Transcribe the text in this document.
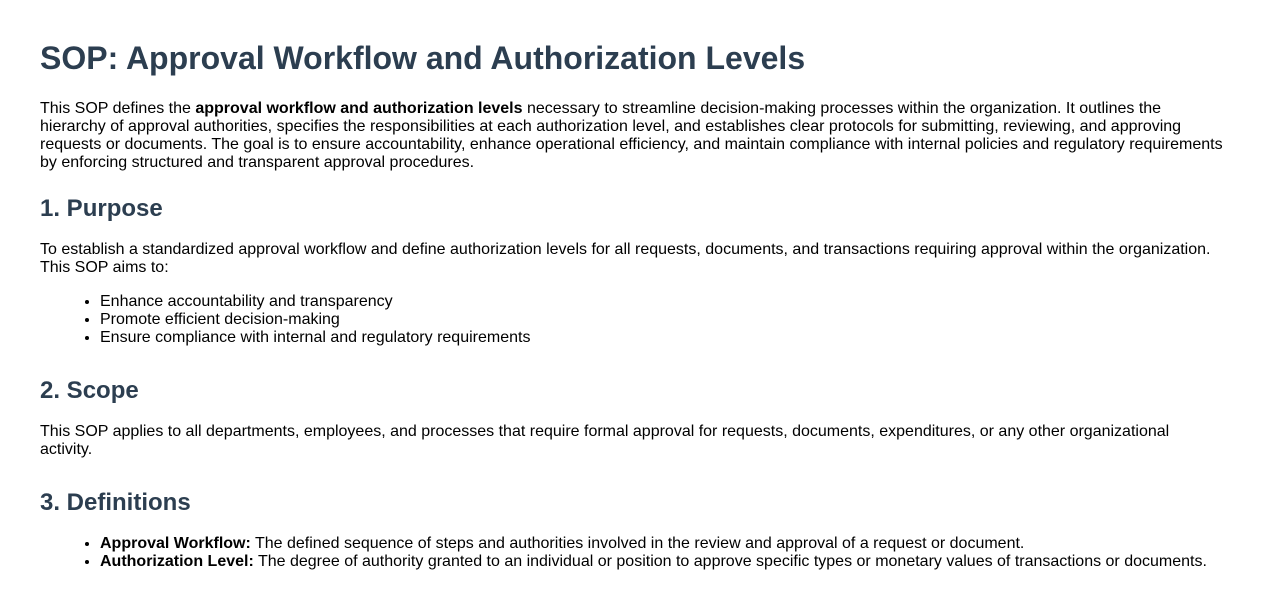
SOP: Approval Workflow and Authorization Levels

This SOP defines the approval workflow and authorization levels necessary to streamline decision-making processes within the organization. It outlines the hierarchy of approval authorities, specifies the responsibilities at each authorization level, and establishes clear protocols for submitting, reviewing, and approving requests or documents. The goal is to ensure accountability, enhance operational efficiency, and maintain compliance with internal policies and regulatory requirements by enforcing structured and transparent approval procedures.

1. Purpose

To establish a standardized approval workflow and define authorization levels for all requests, documents, and transactions requiring approval within the organization. This SOP aims to:

• Enhance accountability and transparency
• Promote efficient decision-making
• Ensure compliance with internal and regulatory requirements
2. Scope

This SOP applies to all departments, employees, and processes that require formal approval for requests, documents, expenditures, or any other organizational activity.

3. Definitions
• Approval Workflow: The defined sequence of steps and authorities involved in the review and approval of a request or document.
• Authorization Level: The degree of authority granted to an individual or position to approve specific types or monetary values of transactions or documents.
